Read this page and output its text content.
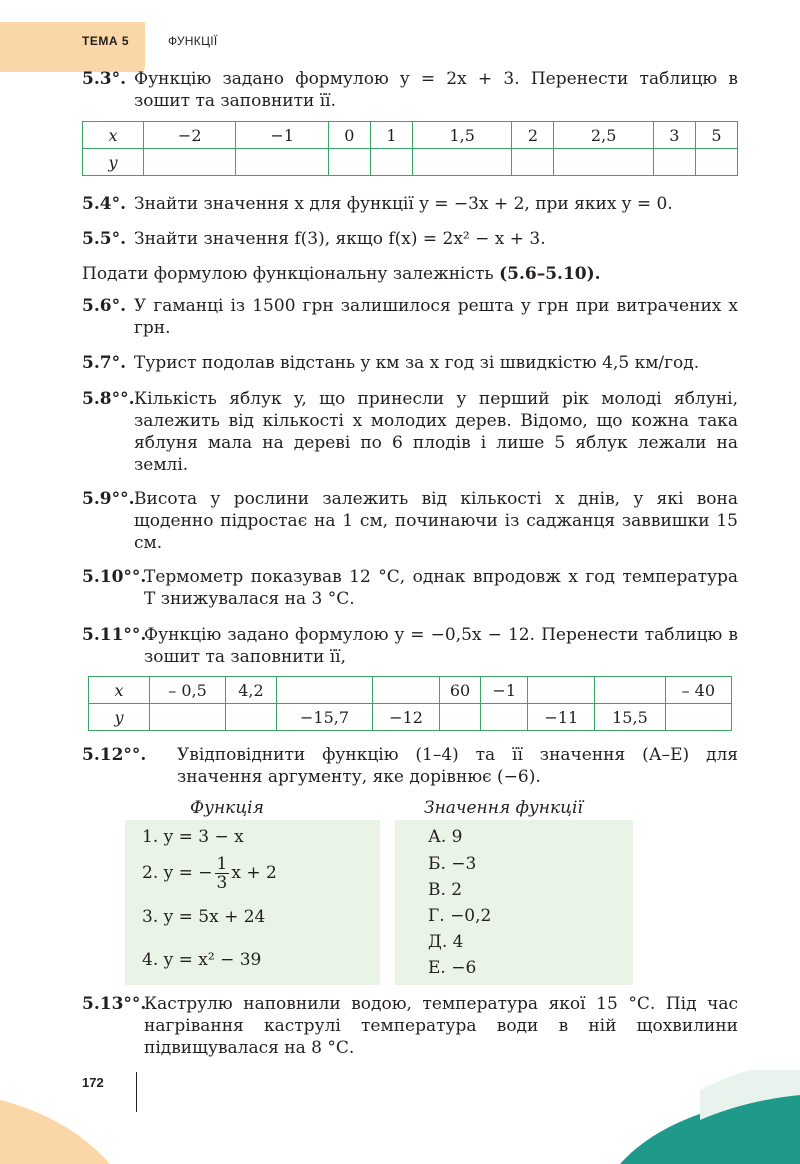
ТЕМА 5	ФУНКЦІЇ
5.3°. Функцію задано формулою y = 2x + 3. Перенести таблицю в зошит та заповнити її.
x	−2	−1	0	1	1,5	2	2,5	3	5
y									
5.4°. Знайти значення x для функції y = −3x + 2, при яких y = 0.
5.5°. Знайти значення f(3), якщо f(x) = 2x² − x + 3.
Подати формулою функціональну залежність (5.6–5.10).
5.6°. У гаманці із 1500 грн залишилося решта y грн при витрачених x грн.
5.7°. Турист подолав відстань y км за x год зі швидкістю 4,5 км/год.
5.8°°. Кількість яблук y, що принесли у перший рік молоді яблуні, залежить від кількості x молодих дерев. Відомо, що кожна така яблуня мала на дереві по 6 плодів і лише 5 яблук лежали на землі.
5.9°°. Висота у рослини залежить від кількості x днів, у які вона щоденно підростає на 1 см, починаючи із саджанця заввишки 15 см.
5.10°°.
Термометр показував 12 °С, однак впродовж x год температура Т знижувалася на 3 °С.
5.11°°.
Функцію задано формулою y = −0,5x − 12. Перенести таблицю в зошит та заповнити її,
x	– 0,5	4,2			60	−1			– 40
y			−15,7	−12			−11	15,5	
5.12°°.	Увідповіднити функцію (1–4) та її значення (А–Е) для значення аргументу, яке дорівнює (−6).
Функція	Значення функції
1. y = 3 − x
2. y = − $\frac{1}{3}$ x + 2
3. y = 5x + 24
4. y = x² − 39
А. 9
Б. −3
В. 2
Г. −0,2
Д. 4
Е. −6
5.13°°.
Каструлю наповнили водою, температура якої 15 °С. Під час нагрівання каструлі температура води в ній щохвилини підвищувалася на 8 °С.
172
